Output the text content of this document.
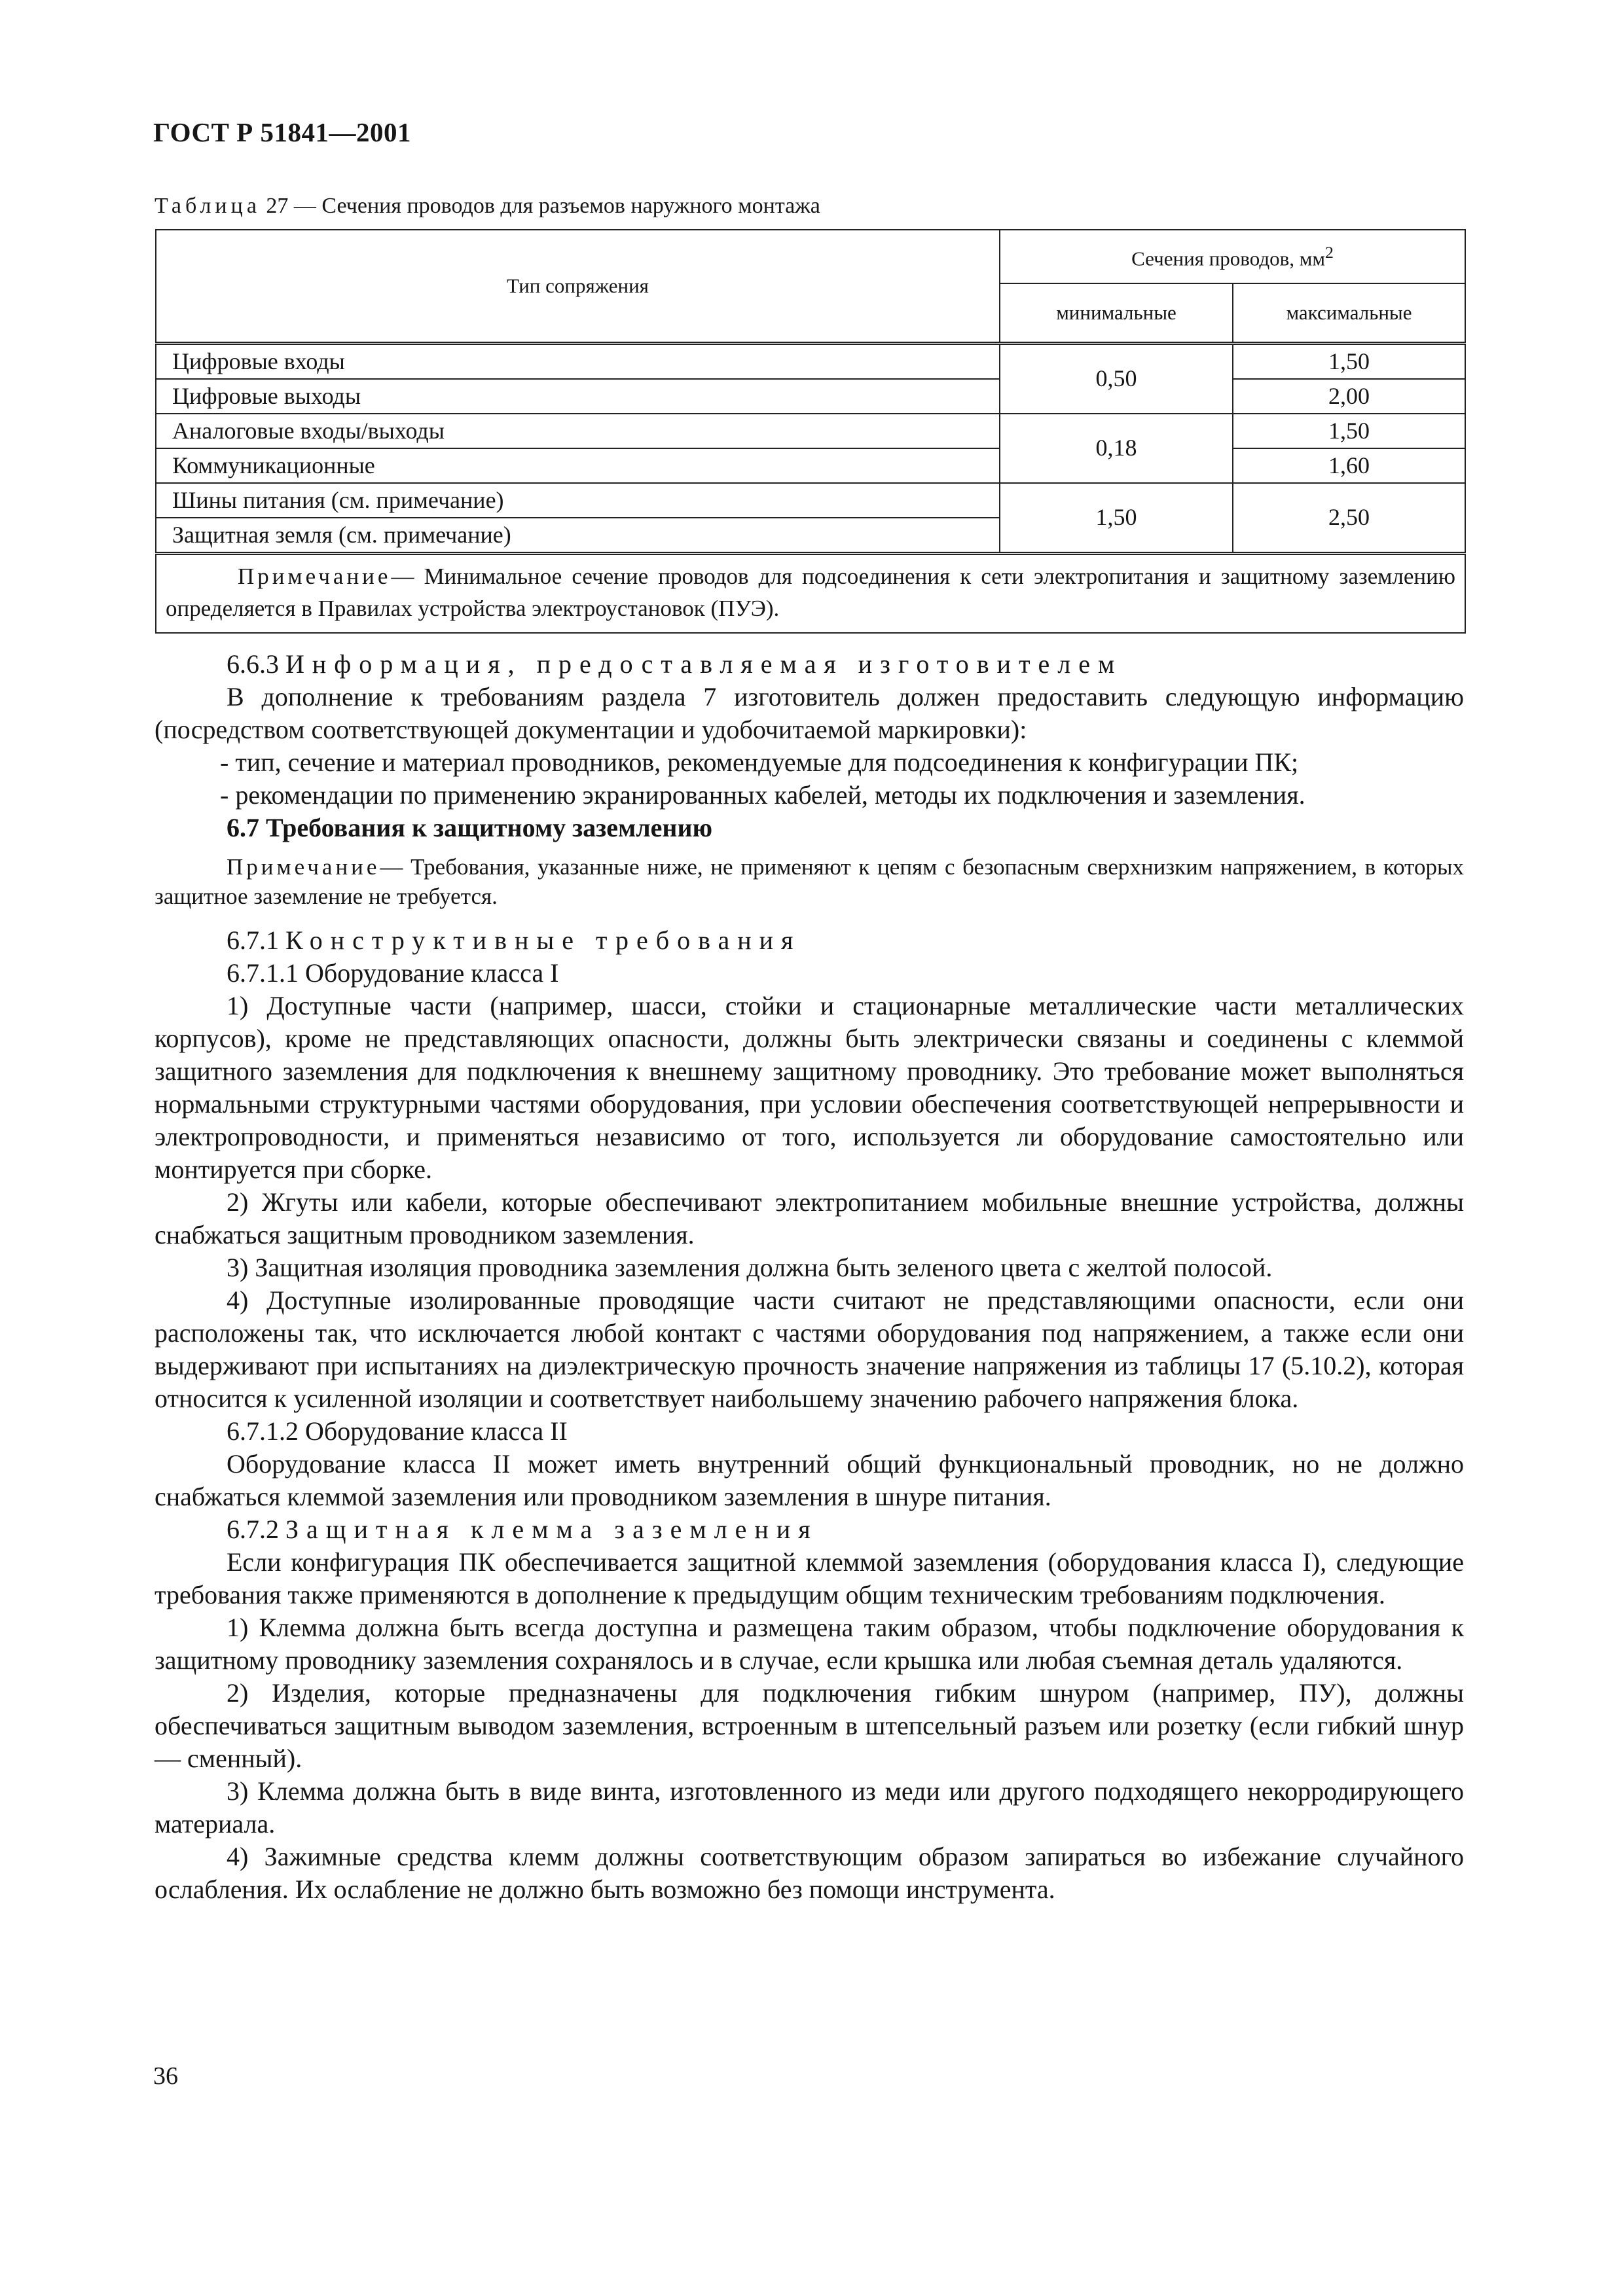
ГОСТ Р 51841—2001
Таблица 27 — Сечения проводов для разъемов наружного монтажа
Тип сопряжения	Сечения проводов, $мм^2$
	минимальные	максимальные
Цифровые входы	0,50	1,50
Цифровые выходы		2,00
Аналоговые входы/выходы	0,18	1,50
Коммуникационные		1,60
Шины питания (см. примечание)	1,50	2,50
Защитная земля (см. примечание)		
Примечание— Минимальное сечение проводов для подсоединения к сети электропитания и защитному заземлению определяется в Правилах устройства электроустановок (ПУЭ).		

6.6.3 Информация, предоставляемая изготовителем

В дополнение к требованиям раздела 7 изготовитель должен предоставить следующую информацию (посредством соответствующей документации и удобочитаемой маркировки):

- тип, сечение и материал проводников, рекомендуемые для подсоединения к конфигурации ПК;

- рекомендации по применению экранированных кабелей, методы их подключения и заземления.

6.7 Требования к защитному заземлению

Примечание— Требования, указанные ниже, не применяют к цепям с безопасным сверхнизким напряжением, в которых защитное заземление не требуется.

6.7.1 Конструктивные требования

6.7.1.1 Оборудование класса I

1) Доступные части (например, шасси, стойки и стационарные металлические части металлических корпусов), кроме не представляющих опасности, должны быть электрически связаны и соединены с клеммой защитного заземления для подключения к внешнему защитному проводнику. Это требование может выполняться нормальными структурными частями оборудования, при условии обеспечения соответствующей непрерывности и электропроводности, и применяться независимо от того, используется ли оборудование самостоятельно или монтируется при сборке.

2) Жгуты или кабели, которые обеспечивают электропитанием мобильные внешние устройства, должны снабжаться защитным проводником заземления.

3) Защитная изоляция проводника заземления должна быть зеленого цвета с желтой полосой.

4) Доступные изолированные проводящие части считают не представляющими опасности, если они расположены так, что исключается любой контакт с частями оборудования под напряжением, а также если они выдерживают при испытаниях на диэлектрическую прочность значение напряжения из таблицы 17 (5.10.2), которая относится к усиленной изоляции и соответствует наибольшему значению рабочего напряжения блока.

6.7.1.2 Оборудование класса II

Оборудование класса II может иметь внутренний общий функциональный проводник, но не должно снабжаться клеммой заземления или проводником заземления в шнуре питания.

6.7.2 Защитная клемма заземления

Если конфигурация ПК обеспечивается защитной клеммой заземления (оборудования класса I), следующие требования также применяются в дополнение к предыдущим общим техническим требованиям подключения.

1) Клемма должна быть всегда доступна и размещена таким образом, чтобы подключение оборудования к защитному проводнику заземления сохранялось и в случае, если крышка или любая съемная деталь удаляются.

2) Изделия, которые предназначены для подключения гибким шнуром (например, ПУ), должны обеспечиваться защитным выводом заземления, встроенным в штепсельный разъем или розетку (если гибкий шнур — сменный).

3) Клемма должна быть в виде винта, изготовленного из меди или другого подходящего некорродирующего материала.

4) Зажимные средства клемм должны соответствующим образом запираться во избежание случайного ослабления. Их ослабление не должно быть возможно без помощи инструмента.

36
